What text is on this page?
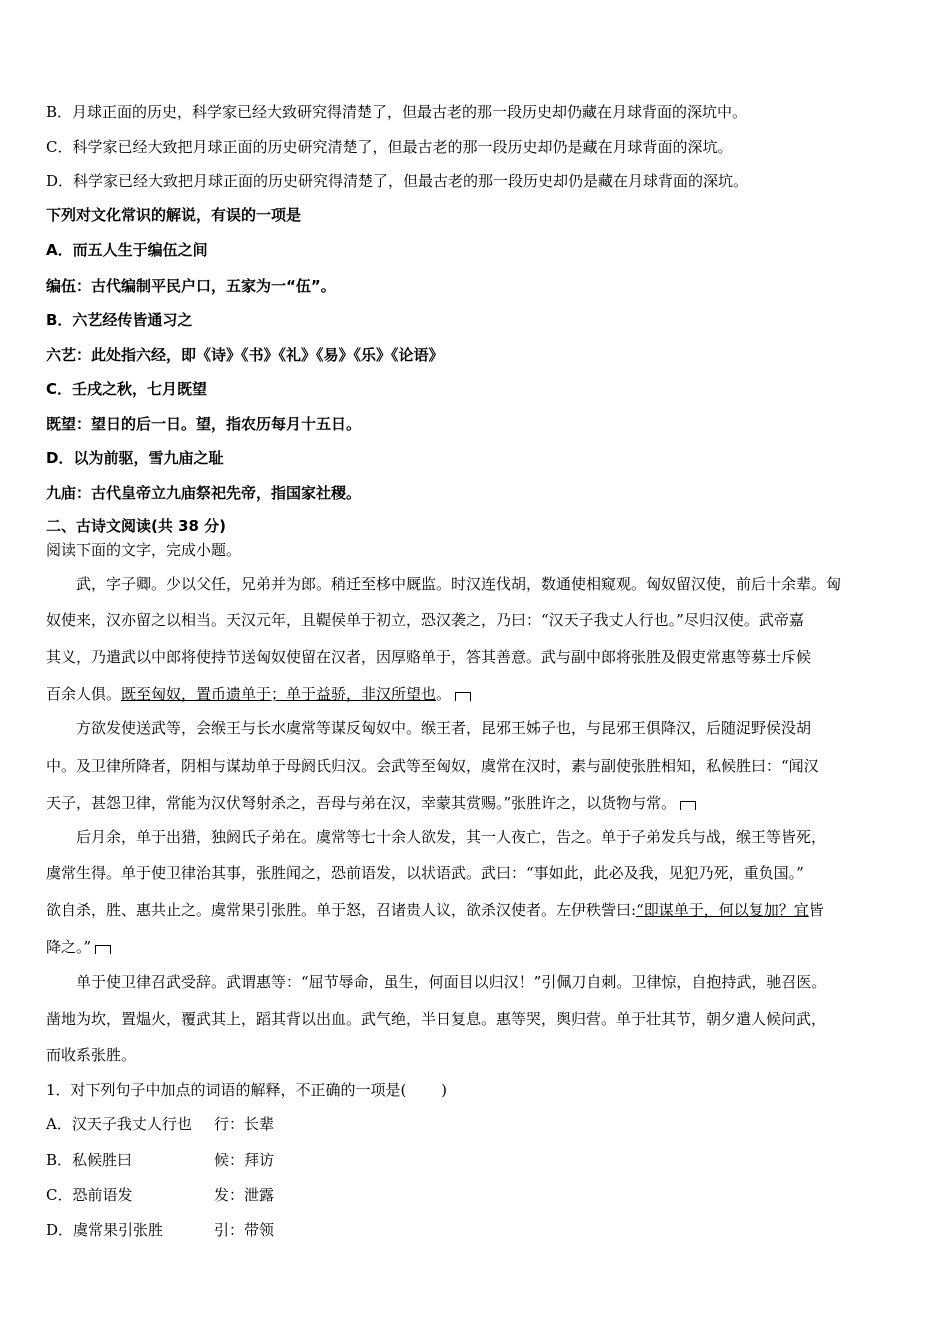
B．月球正面的历史，科学家已经大致研究得清楚了，但最古老的那一段历史却仍藏在月球背面的深坑中。
C．科学家已经大致把月球正面的历史研究清楚了，但最古老的那一段历史却仍是藏在月球背面的深坑。
D．科学家已经大致把月球正面的历史研究得清楚了，但最古老的那一段历史却仍是藏在月球背面的深坑。
下列对文化常识的解说，有误的一项是
A．而五人生于编伍之间
编伍：古代编制平民户口，五家为一“伍”。
B．六艺经传皆通习之
六艺：此处指六经，即《诗》《书》《礼》《易》《乐》《论语》
C．壬戌之秋，七月既望
既望：望日的后一日。望，指农历每月十五日。
D．以为前驱，雪九庙之耻
九庙：古代皇帝立九庙祭祀先帝，指国家社稷。
二、古诗文阅读(共 38 分)
阅读下面的文字，完成小题。
　　武，字子卿。少以父任，兄弟并为郎。稍迁至栘中厩监。时汉连伐胡，数通使相窥观。匈奴留汉使，前后十余辈。匈
奴使来，汉亦留之以相当。天汉元年，且鞮侯单于初立，恐汉袭之，乃曰：“汉天子我丈人行也。”尽归汉使。武帝嘉
其义，乃遣武以中郎将使持节送匈奴使留在汉者，因厚赂单于，答其善意。武与副中郎将张胜及假吏常惠等募士斥候
百余人俱。既至匈奴，置币遗单于；单于益骄，非汉所望也。
　　方欲发使送武等，会缑王与长水虞常等谋反匈奴中。缑王者，昆邪王姊子也，与昆邪王俱降汉，后随浞野侯没胡
中。及卫律所降者，阴相与谋劫单于母阏氏归汉。会武等至匈奴，虞常在汉时，素与副使张胜相知，私候胜曰：“闻汉
天子，甚怨卫律，常能为汉伏弩射杀之，吾母与弟在汉，幸蒙其赏赐。”张胜许之，以货物与常。
　　后月余，单于出猎，独阏氏子弟在。虞常等七十余人欲发，其一人夜亡，告之。单于子弟发兵与战，缑王等皆死，
虞常生得。单于使卫律治其事，张胜闻之，恐前语发，以状语武。武曰：“事如此，此必及我，见犯乃死，重负国。”
欲自杀，胜、惠共止之。虞常果引张胜。单于怒，召诸贵人议，欲杀汉使者。左伊秩訾曰:“即谋单于，何以复加？宜皆
降之。”
　　单于使卫律召武受辞。武谓惠等：“屈节辱命，虽生，何面目以归汉！”引佩刀自刺。卫律惊，自抱持武，驰召医。
凿地为坎，置煴火，覆武其上，蹈其背以出血。武气绝，半日复息。惠等哭，舆归营。单于壮其节，朝夕遣人候问武，
而收系张胜。
1．对下列句子中加点的词语的解释，不正确的一项是(　　 )
A．汉天子我丈人行也 行：长辈
B．私候胜曰	候：拜访
C．恐前语发	发：泄露
D．虞常果引张胜	引：带领
